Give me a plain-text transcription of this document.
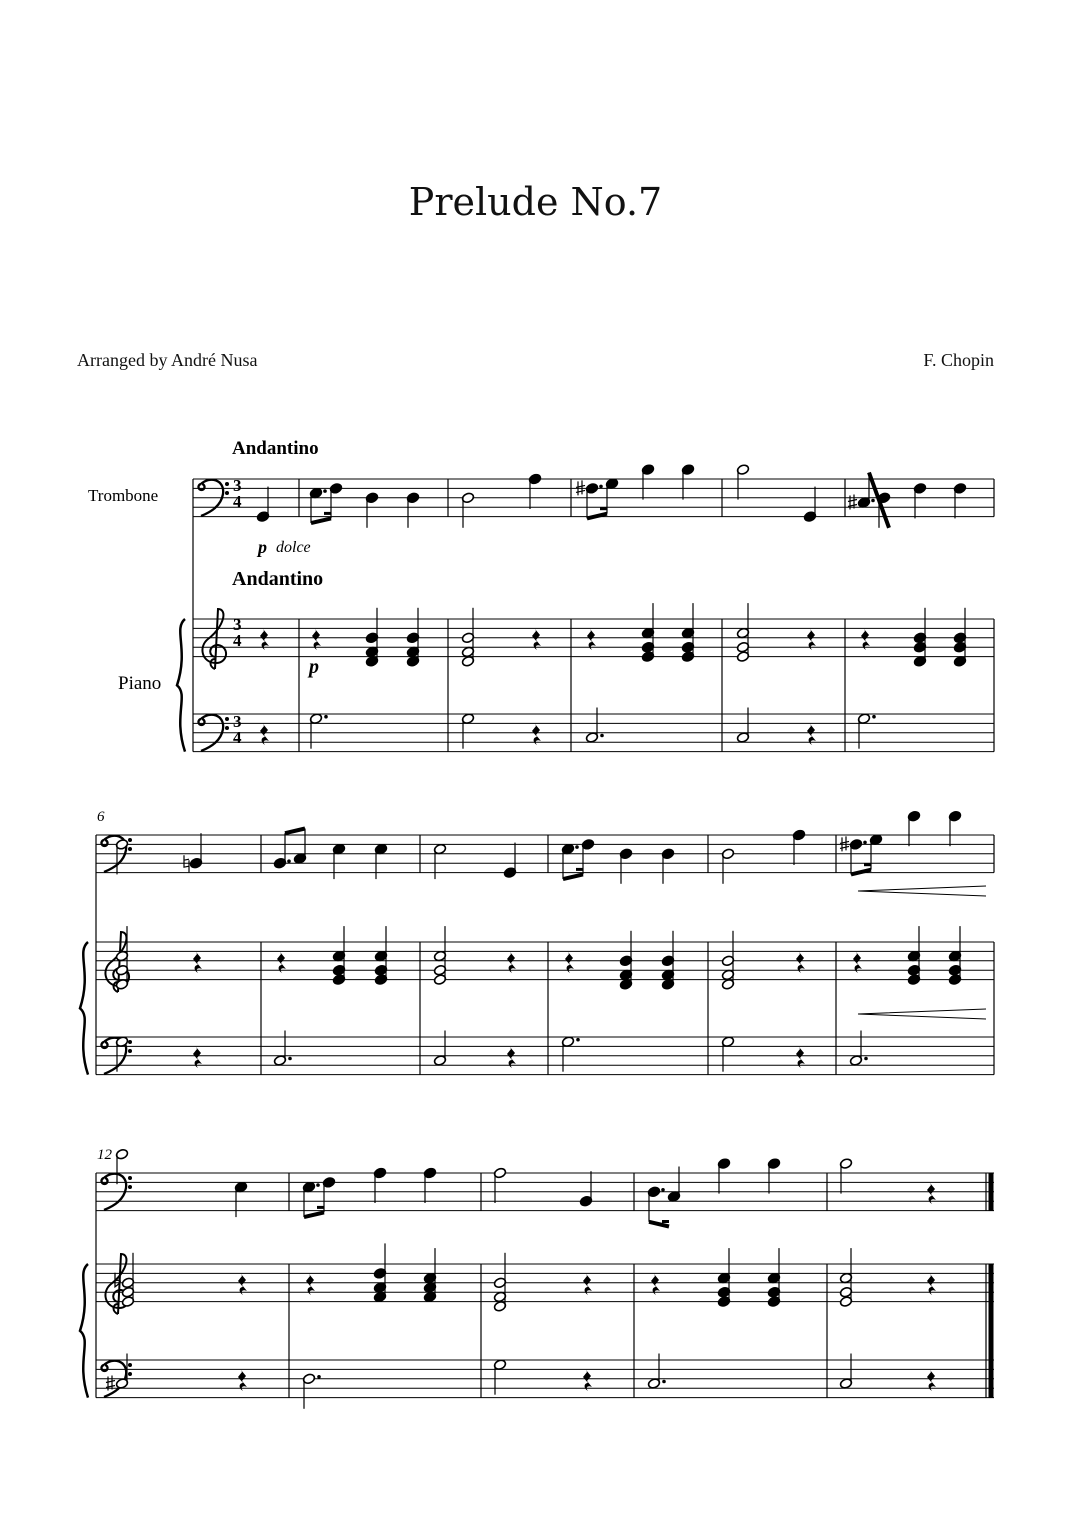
Prelude No.7
Arranged by André Nusa	F. Chopin
Andantino
Trombone
p dolce
Andantino
Piano
p
3
4
3
4
3
4
6
12
